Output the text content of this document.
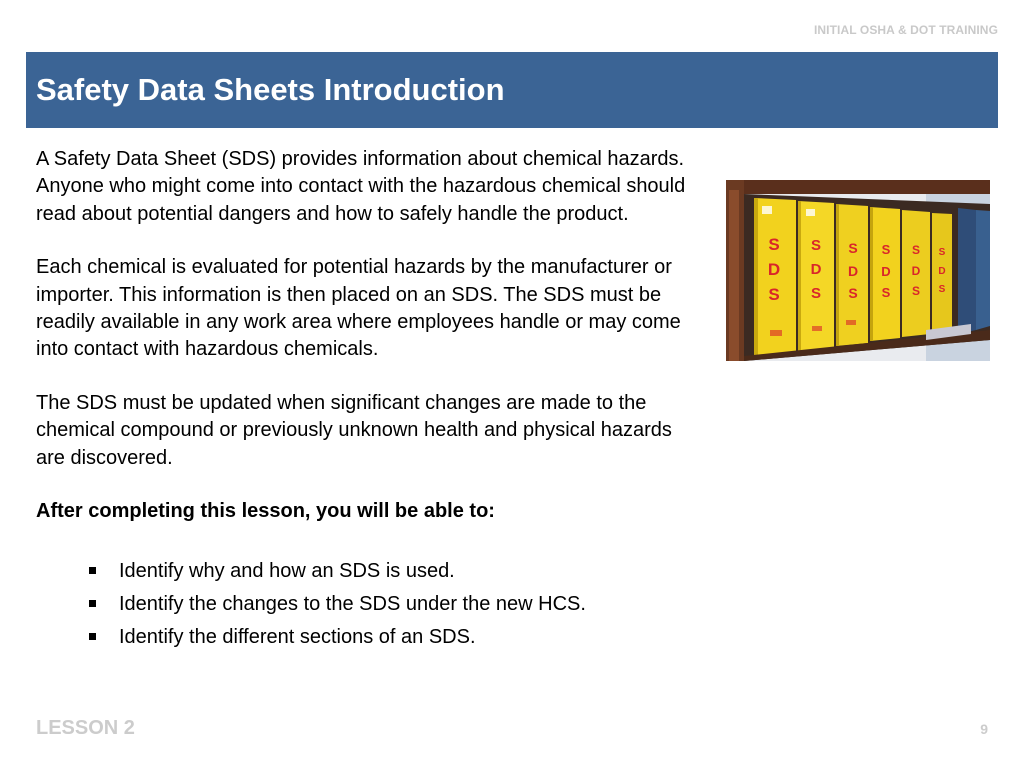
INITIAL OSHA & DOT TRAINING
Safety Data Sheets Introduction

A Safety Data Sheet (SDS) provides information about chemical hazards. Anyone who might come into contact with the hazardous chemical should read about potential dangers and how to safely handle the product.

Each chemical is evaluated for potential hazards by the manufacturer or importer. This information is then placed on an SDS. The SDS must be readily available in any work area where employees handle or may come into contact with hazardous chemicals.

The SDS must be updated when significant changes are made to the chemical compound or previously unknown health and physical hazards are discovered.

After completing this lesson, you will be able to:

Identify why and how an SDS is used.
Identify the changes to the SDS under the new HCS.
Identify the different sections of an SDS.
S
D
S
S
D
S
S
D
S
S
D
S
S
D
S
S
D
S
LESSON 2	9
